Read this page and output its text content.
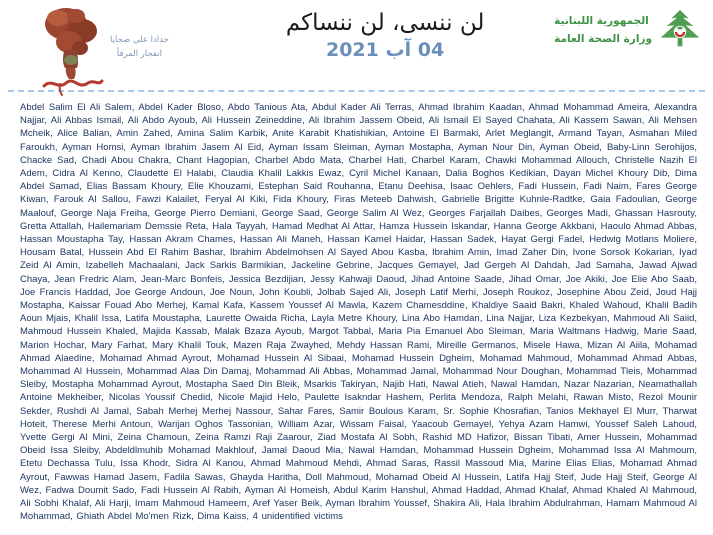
حدادا على ضحايا
انفجار المرفأ
لن ننسى، لن ننساكم
04 آب 2021
الجمهورية اللبنانية
وزارة الصحة العامة

Abdel Salim El Ali Salem, Abdel Kader Bloso, Abdo Tanious Ata, Abdul Kader Ali Terras, Ahmad Ibrahim Kaadan, Ahmad Mohammad Ameira, Alexandra Najjar, Ali Abbas Ismail, Ali Abdo Ayoub, Ali Hussein Zeineddine, Ali Ibrahim Jassem Obeid, Ali Ismail El Sayed Chahata, Ali Kassem Sawan, Ali Mehsen Mcheik, Alice Balian, Amin Zahed, Amina Salim Karbik, Anite Karabit Khatishikian, Antoine El Barmaki, Arlet Meglangit, Armand Tayan, Asmahan Miled Faroukh, Ayman Homsi, Ayman Ibrahim Jasem Al Eid, Ayman Issam Sleiman, Ayman Mostapha, Ayman Nour Din, Ayman Obeid, Baby-Linn Serohijos, Chacke Sad, Chadi Abou Chakra, Chant Hagopian, Charbel Abdo Mata, Charbel Hati, Charbel Karam, Chawki Mohammad Allouch, Christelle Nazih El Adem, Cidra Al Kenno, Claudette El Halabi, Claudia Khalil Lakkis Ewaz, Cyril Michel Kanaan, Dalia Boghos Kedikian, Dayan Michel Khoury Dib, Dima Abdel Samad, Elias Bassam Khoury, Elie Khouzami, Estephan Said Rouhanna, Etanu Deehisa, Isaac Oehlers, Fadi Hussein, Fadi Naim, Fares George Kiwan, Farouk Al Sallou, Fawzi Kalailet, Feryal Al Kiki, Fida Khoury, Firas Meteeb Dahwish, Gabrielle Brigitte Kuhnle-Radtke, Gaia Fadoulian, George Maalouf, George Naja Freiha, George Pierro Demiani, George Saad, George Salim Al Wez, Georges Farjallah Daibes, Georges Madi, Ghassan Hasrouty, Gretta Attallah, Hailemariam Demssie Reta, Hala Tayyah, Hamad Medhat Al Attar, Hamza Hussein Iskandar, Hanna George Akkbani, Haoulo Ahmad Abbas, Hassan Moustapha Tay, Hassan Akram Chames, Hassan Ali Maneh, Hassan Kamel Haidar, Hassan Sadek, Hayat Gergi Fadel, Hedwig Motlans Moliere, Housam Batal, Hussein Abd El Rahim Bashar, Ibrahim Abdelmohsen Al Sayed Abou Kasba, Ibrahim Amin, Imad Zaher Din, Ivone Sorsok Kokarian, Iyad Zeid Al Amin, Izabelleh Machaalani, Jack Sarkis Barmikian, Jackeline Gebrine, Jacques Gemayel, Jad Gergeh Al Dahdah, Jad Samaha, Jawad Ajwad Chaya, Jean Fredric Alam, Jean-Marc Bonfeis, Jessica Bezdijian, Jessy Kahwaji Daoud, Jihad Antoine Saade, Jihad Omar, Joe Akiki, Joe Elie Abo Saab, Joe Francis Haddad, Joe George Andoun, Joe Noun, John Koubli, Jolbab Sajed Ali, Joseph Latif Merhi, Joseph Roukoz, Josephine Abou Zeid, Joud Hajj Mostapha, Kaissar Fouad Abo Merhej, Kamal Kafa, Kassem Youssef Al Mawla, Kazem Chamesddine, Khaldiye Saaid Bakri, Khaled Wahoud, Khalil Badih Aoun Mjais, Khalil Issa, Latifa Moustapha, Laurette Owaida Richa, Layla Metre Khoury, Lina Abo Hamdan, Lina Najjar, Liza Kezbekyan, Mahmoud Ali Saiid, Mahmoud Hussein Khaled, Majida Kassab, Malak Bzaza Ayoub, Margot Tabbal, Maria Pia Emanuel Abo Sleiman, Maria Waltmans Hadwig, Marie Saad, Marion Hochar, Mary Farhat, Mary Khalil Touk, Mazen Raja Zwayhed, Mehdy Hassan Rami, Mireille Germanos, Misele Hawa, Mizan Al Aiila, Mohamad Ahmad Alaedine, Mohamad Ahmad Ayrout, Mohamad Hussein Al Sibaai, Mohamad Hussein Dgheim, Mohamad Mahmoud, Mohammad Ahmad Abbas, Mohammad Al Hussein, Mohammad Alaa Din Damaj, Mohammad Ali Abbas, Mohammad Jamal, Mohammad Nour Doughan, Mohammad Tleis, Mohammad Sleiby, Mostapha Mohammad Ayrout, Mostapha Saed Din Bleik, Msarkis Takiryan, Najib Hati, Nawal Atieh, Nawal Hamdan, Nazar Nazarian, Neamathallah Antoine Mekheiber, Nicolas Youssif Chedid, Nicole Majid Helo, Paulette Isakndar Hashem, Perlita Mendoza, Ralph Melahi, Rawan Misto, Rezol Mounir Sekder, Rushdi Al Jamal, Sabah Merhej Merhej Nassour, Sahar Fares, Samir Boulous Karam, Sr. Sophie Khosrafian, Tanios Mekhayel El Murr, Tharwat Hoteit, Therese Merhi Antoun, Warijan Oghos Tassonian, William Azar, Wissam Faisal, Yaacoub Gemayel, Yehya Azam Hamwi, Youssef Saleh Lahoud, Yvette Gergi Al Mini, Zeina Chamoun, Zeina Ramzi Raji Zaarour, Ziad Mostafa Al Sobh, Rashid MD Hafizor, Bissan Tibati, Amer Hussein, Mohammad Obeid Issa Sleiby, Abdeldlmuhib Mohamad Makhlouf, Jamal Daoud Mia, Nawal Hamdan, Mohammad Hussein Dgheim, Mohammad Issa Al Mahmoum, Etetu Dechassa Tulu, Issa Khodr, Sidra Al Kanou, Ahmad Mahmoud Mehdi, Ahmad Saras, Rassil Massoud Mia, Marine Elias Elias, Mohamad Ahmad Ayrout, Fawwas Hamad Jasem, Fadila Sawas, Ghayda Haritha, Doll Mahmoud, Mohamad Obeid Al Hussein, Latifa Hajj Steif, Jude Hajj Steif, George Al Wez, Fadwa Doumit Sado, Fadi Hussein Al Rabih, Ayman Al Homeish, Abdul Karim Hanshul, Ahmad Haddad, Ahmad Khalaf, Ahmad Khaled Al Mahmoud, Ali Sobhi Khalaf, Ali Harji, Imam Mahmoud Hameem, Aref Yaser Beik, Ayman Ibrahim Youssef, Shakira Ali, Hala Ibrahim Abdulrahman, Hamam Mahmoud Al Mohammad, Ghiath Abdel Mo'men Rizk, Dima Kaiss, 4 unidentified victims
